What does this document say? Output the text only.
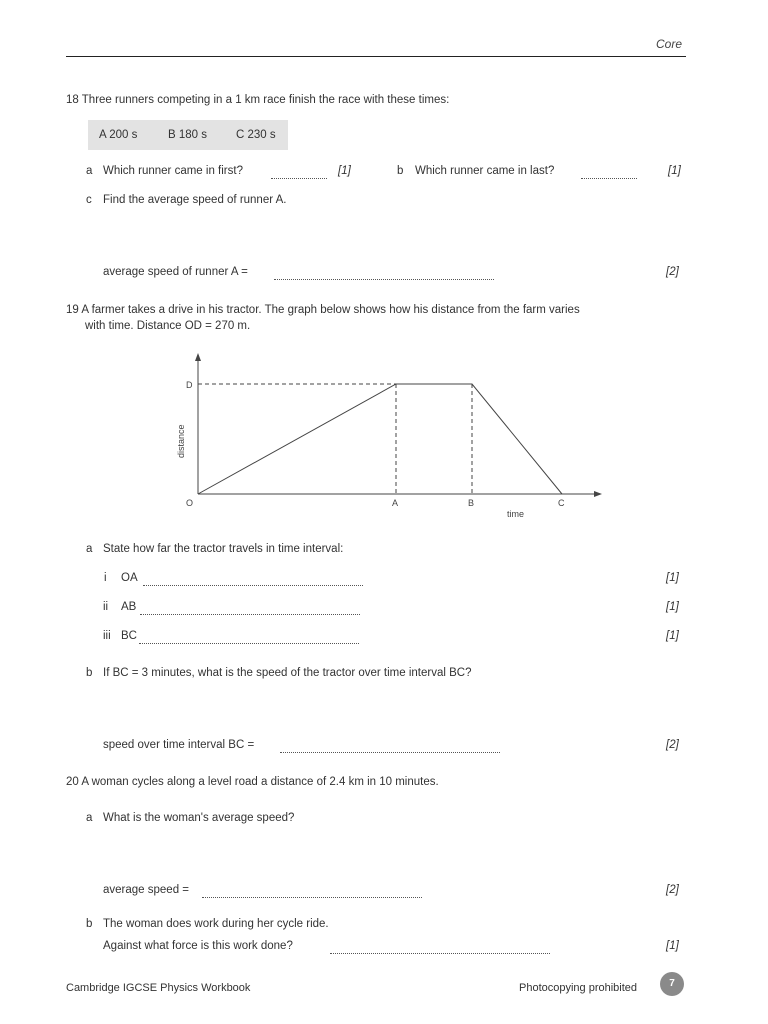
Core
18 Three runners competing in a 1 km race finish the race with these times:
A 200 s	B 180 s	C 230 s
a Which runner came in first?	[1]	b Which runner came in last?	[1]
c Find the average speed of runner A.
average speed of runner A =	[2]
19 A farmer takes a drive in his tractor. The graph below shows how his distance from the farm varies
with time. Distance OD = 270 m.
D
O	A	B	C
time
distance
a State how far the tractor travels in time interval:
i OA	[1]
ii AB	[1]
iii BC	[1]
b If BC = 3 minutes, what is the speed of the tractor over time interval BC?
speed over time interval BC =	[2]
20 A woman cycles along a level road a distance of 2.4 km in 10 minutes.
a What is the woman's average speed?
average speed =	[2]
b The woman does work during her cycle ride.
Against what force is this work done?	[1]
Cambridge IGCSE Physics Workbook	Photocopying prohibited	7
